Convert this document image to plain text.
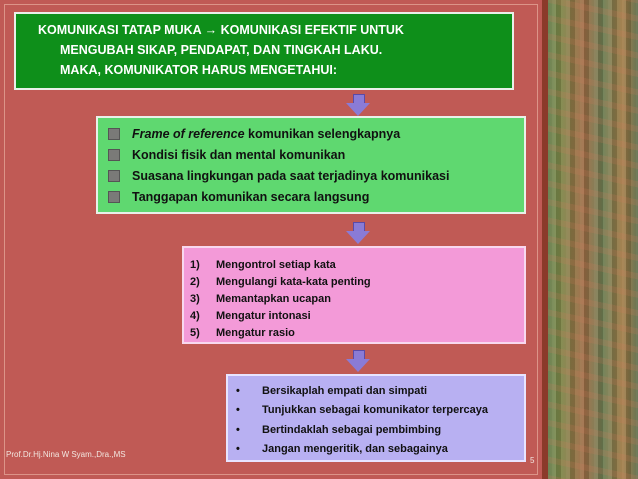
KOMUNIKASI TATAP MUKA → KOMUNIKASI EFEKTIF UNTUK
MENGUBAH SIKAP, PENDAPAT, DAN TINGKAH LAKU.
MAKA, KOMUNIKATOR HARUS MENGETAHUI:
Frame of reference komunikan selengkapnya
Kondisi fisik dan mental komunikan
Suasana lingkungan pada saat terjadinya komunikasi
Tanggapan komunikan secara langsung
1)	Mengontrol setiap kata
2)	Mengulangi kata-kata penting
3)	Memantapkan ucapan
4)	Mengatur intonasi
5)	Mengatur rasio
•	Bersikaplah empati dan simpati
•	Tunjukkan sebagai komunikator terpercaya
•	Bertindaklah sebagai pembimbing
•	Jangan mengeritik, dan sebagainya
Prof.Dr.Hj.Nina W Syam.,Dra.,MS
5
